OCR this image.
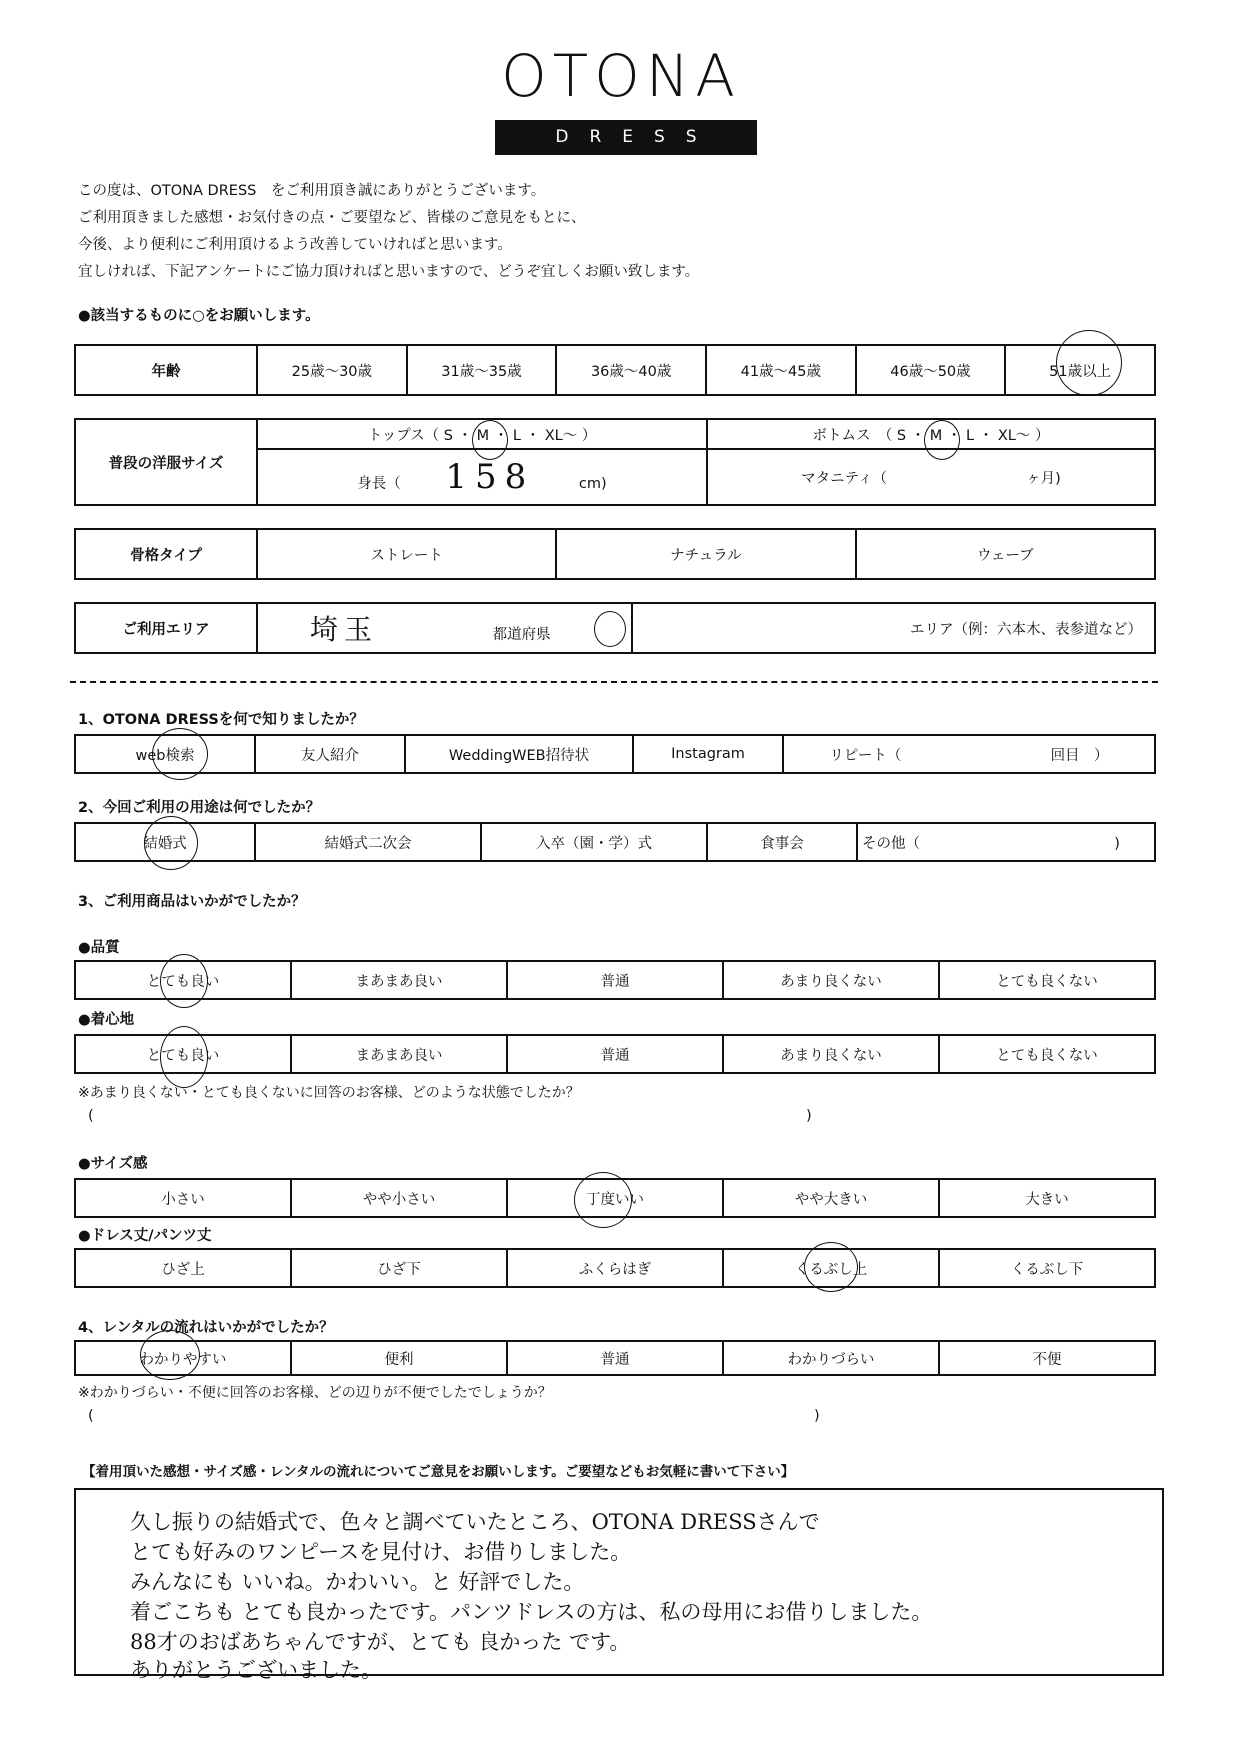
OTONA
DRESS
この度は、OTONA DRESS　をご利用頂き誠にありがとうございます。
ご利用頂きました感想・お気付きの点・ご要望など、皆様のご意見をもとに、
今後、より便利にご利用頂けるよう改善していければと思います。
宜しければ、下記アンケートにご協力頂ければと思いますので、どうぞ宜しくお願い致します。
●該当するものに○をお願いします。
年齢	25歳～30歳	31歳～35歳	36歳～40歳	41歳～45歳	46歳～50歳	51歳以上
普段の洋服サイズ	トップス（ S ・ M ・ L ・ XL～ ）	ボトムス　（ S ・ M ・ L ・ XL～ ）
	身長（ 158 cm)	マタニティ（ ヶ月)
骨格タイプ	ストレート	ナチュラル	ウェーブ
ご利用エリア	埼玉	都道府県	エリア（例：六本木、表参道など）
1、OTONA DRESSを何で知りましたか？
web検索	友人紹介	WeddingWEB招待状	Instagram	リピート（	回目　）
2、今回ご利用の用途は何でしたか？
結婚式	結婚式二次会	入卒（園・学）式	食事会	その他（	)
3、ご利用商品はいかがでしたか？
●品質
とても良い	まあまあ良い	普通	あまり良くない	とても良くない
●着心地
とても良い	まあまあ良い	普通	あまり良くない	とても良くない
※あまり良くない・とても良くないに回答のお客様、どのような状態でしたか？
(	)
●サイズ感
小さい	やや小さい	丁度いい	やや大きい	大きい
●ドレス丈/パンツ丈
ひざ上	ひざ下	ふくらはぎ	くるぶし上	くるぶし下
4、レンタルの流れはいかがでしたか？
わかりやすい	便利	普通	わかりづらい	不便
※わかりづらい・不便に回答のお客様、どの辺りが不便でしたでしょうか？
(	)
【着用頂いた感想・サイズ感・レンタルの流れについてご意見をお願いします。ご要望などもお気軽に書いて下さい】
久し振りの結婚式で、色々と調べていたところ、OTONA DRESSさんで
とても好みのワンピースを見付け、お借りしました。
みんなにも いいね。かわいい。と 好評でした。
着ごこちも とても良かったです。パンツドレスの方は、私の母用にお借りしました。
88才のおばあちゃんですが、とても 良かった です。
ありがとうございました。
